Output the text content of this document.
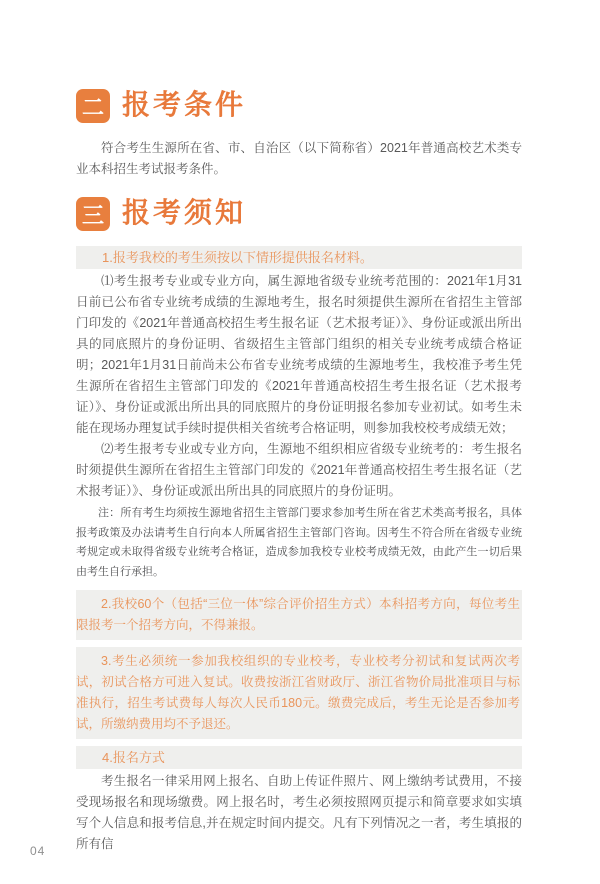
二 报考条件

符合考生生源所在省、市、自治区（以下简称省）2021年普通高校艺术类专业本科招生考试报考条件。

三 报考须知
1.报考我校的考生须按以下情形提供报名材料。

⑴考生报考专业或专业方向，属生源地省级专业统考范围的：2021年1月31日前已公布省专业统考成绩的生源地考生，报名时须提供生源所在省招生主管部门印发的《2021年普通高校招生考生报名证（艺术报考证）》、身份证或派出所出具的同底照片的身份证明、省级招生主管部门组织的相关专业统考成绩合格证明；2021年1月31日前尚未公布省专业统考成绩的生源地考生，我校准予考生凭生源所在省招生主管部门印发的《2021年普通高校招生考生报名证（艺术报考证）》、身份证或派出所出具的同底照片的身份证明报名参加专业初试。如考生未能在现场办理复试手续时提供相关省统考合格证明，则参加我校校考成绩无效；

⑵考生报考专业或专业方向，生源地不组织相应省级专业统考的：考生报名时须提供生源所在省招生主管部门印发的《2021年普通高校招生考生报名证（艺术报考证）》、身份证或派出所出具的同底照片的身份证明。

注：所有考生均须按生源地省招生主管部门要求参加考生所在省艺术类高考报名，具体报考政策及办法请考生自行向本人所属省招生主管部门咨询。因考生不符合所在省级专业统考规定或未取得省级专业统考合格证，造成参加我校专业校考成绩无效，由此产生一切后果由考生自行承担。

2.我校60个（包括“三位一体”综合评价招生方式）本科招考方向，每位考生限报考一个招考方向，不得兼报。
3.考生必须统一参加我校组织的专业校考，专业校考分初试和复试两次考试，初试合格方可进入复试。收费按浙江省财政厅、浙江省物价局批准项目与标准执行，招生考试费每人每次人民币180元。缴费完成后，考生无论是否参加考试，所缴纳费用均不予退还。
4.报名方式

考生报名一律采用网上报名、自助上传证件照片、网上缴纳考试费用，不接受现场报名和现场缴费。网上报名时，考生必须按照网页提示和简章要求如实填写个人信息和报考信息,并在规定时间内提交。凡有下列情况之一者，考生填报的所有信

04
